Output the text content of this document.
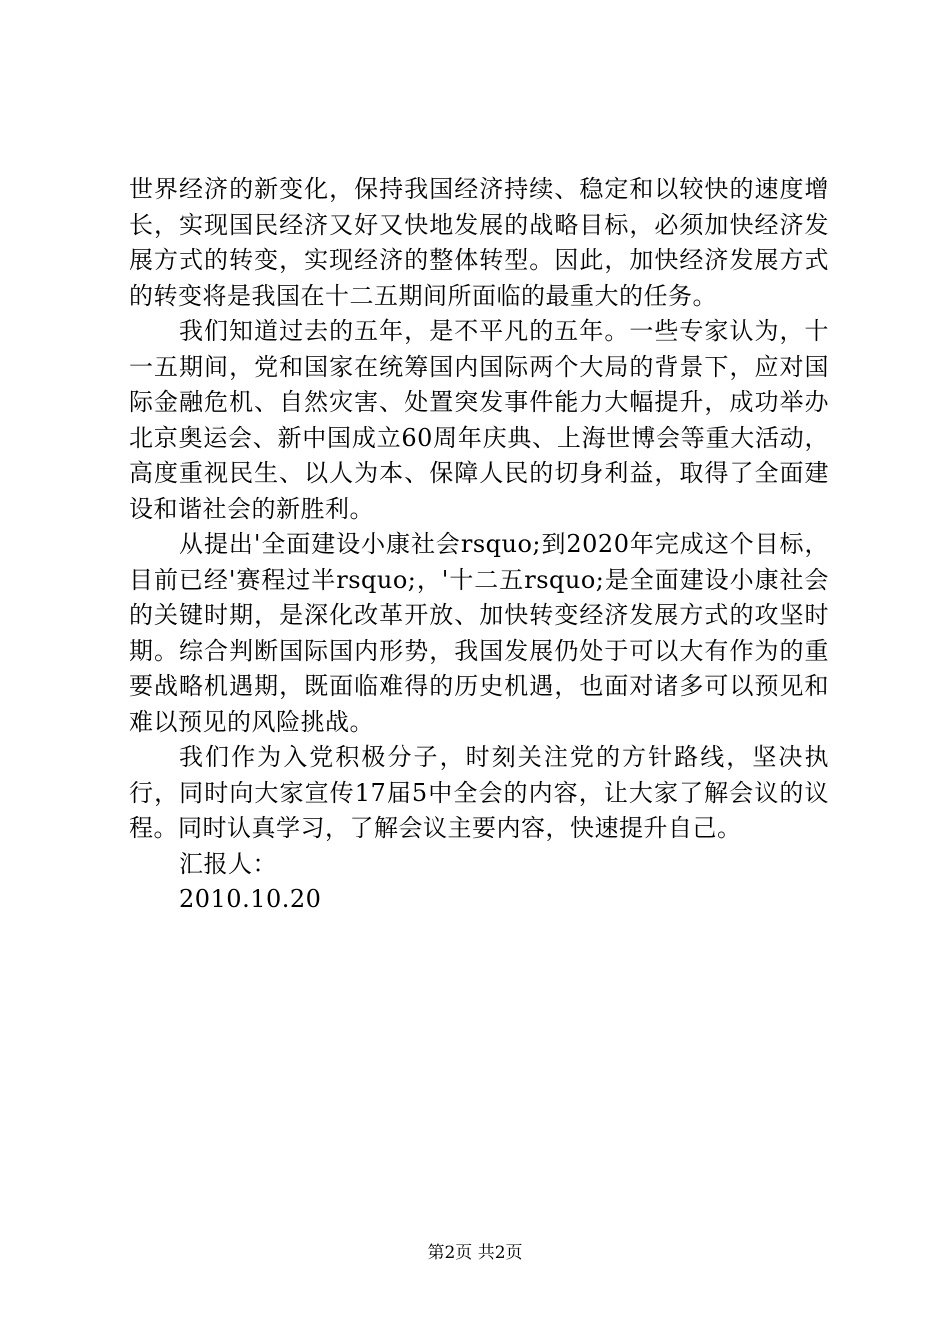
世界经济的新变化，保持我国经济持续、稳定和以较快的速度增长，实现国民经济又好又快地发展的战略目标，必须加快经济发展方式的转变，实现经济的整体转型。因此，加快经济发展方式的转变将是我国在十二五期间所面临的最重大的任务。

我们知道过去的五年，是不平凡的五年。一些专家认为，十一五期间，党和国家在统筹国内国际两个大局的背景下，应对国际金融危机、自然灾害、处置突发事件能力大幅提升，成功举办北京奥运会、新中国成立60周年庆典、上海世博会等重大活动，高度重视民生、以人为本、保障人民的切身利益，取得了全面建设和谐社会的新胜利。

从提出'全面建设小康社会rsquo;到2020年完成这个目标，目前已经'赛程过半rsquo;，'十二五rsquo;是全面建设小康社会的关键时期，是深化改革开放、加快转变经济发展方式的攻坚时期。综合判断国际国内形势，我国发展仍处于可以大有作为的重要战略机遇期，既面临难得的历史机遇，也面对诸多可以预见和难以预见的风险挑战。

我们作为入党积极分子，时刻关注党的方针路线，坚决执行，同时向大家宣传17届5中全会的内容，让大家了解会议的议程。同时认真学习，了解会议主要内容，快速提升自己。

汇报人：

2010.10.20

第2页 共2页
